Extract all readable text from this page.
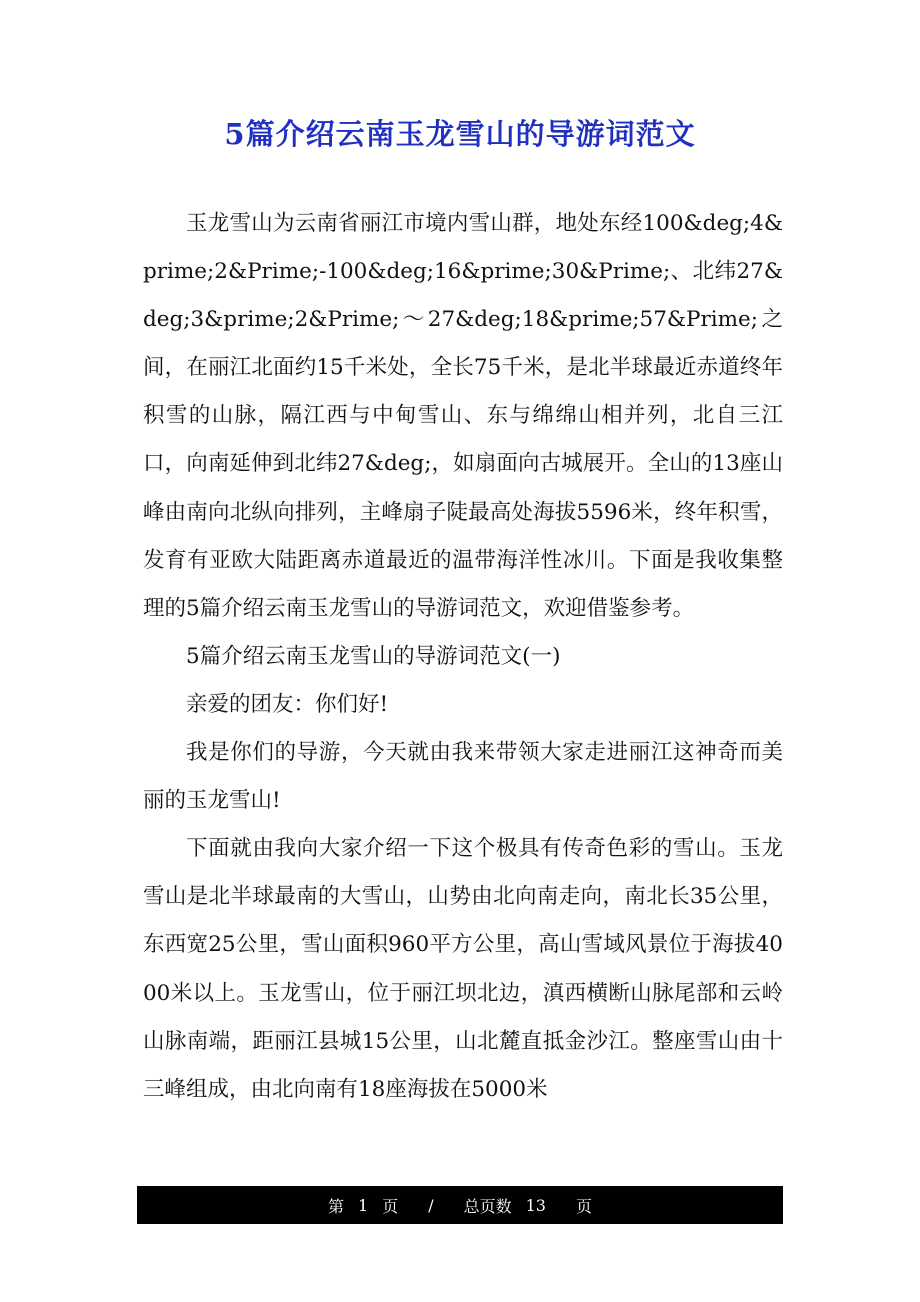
5篇介绍云南玉龙雪山的导游词范文

玉龙雪山为云南省丽江市境内雪山群，地处东经100&deg;4&prime;2&Prime;-100&deg;16&prime;30&Prime;、北纬27&deg;3&prime;2&Prime;～27&deg;18&prime;57&Prime;之间，在丽江北面约15千米处，全长75千米，是北半球最近赤道终年积雪的山脉，隔江西与中甸雪山、东与绵绵山相并列，北自三江口，向南延伸到北纬27&deg;，如扇面向古城展开。全山的13座山峰由南向北纵向排列，主峰扇子陡最高处海拔5596米，终年积雪，发育有亚欧大陆距离赤道最近的温带海洋性冰川。下面是我收集整理的5篇介绍云南玉龙雪山的导游词范文，欢迎借鉴参考。

5篇介绍云南玉龙雪山的导游词范文(一)

亲爱的团友：你们好!

我是你们的导游，今天就由我来带领大家走进丽江这神奇而美丽的玉龙雪山!

下面就由我向大家介绍一下这个极具有传奇色彩的雪山。玉龙雪山是北半球最南的大雪山，山势由北向南走向，南北长35公里，东西宽25公里，雪山面积960平方公里，高山雪域风景位于海拔4000米以上。玉龙雪山，位于丽江坝北边，滇西横断山脉尾部和云岭山脉南端，距丽江县城15公里，山北麓直抵金沙江。整座雪山由十三峰组成，由北向南有18座海拔在5000米

第 1 页 / 总页数 13 页
